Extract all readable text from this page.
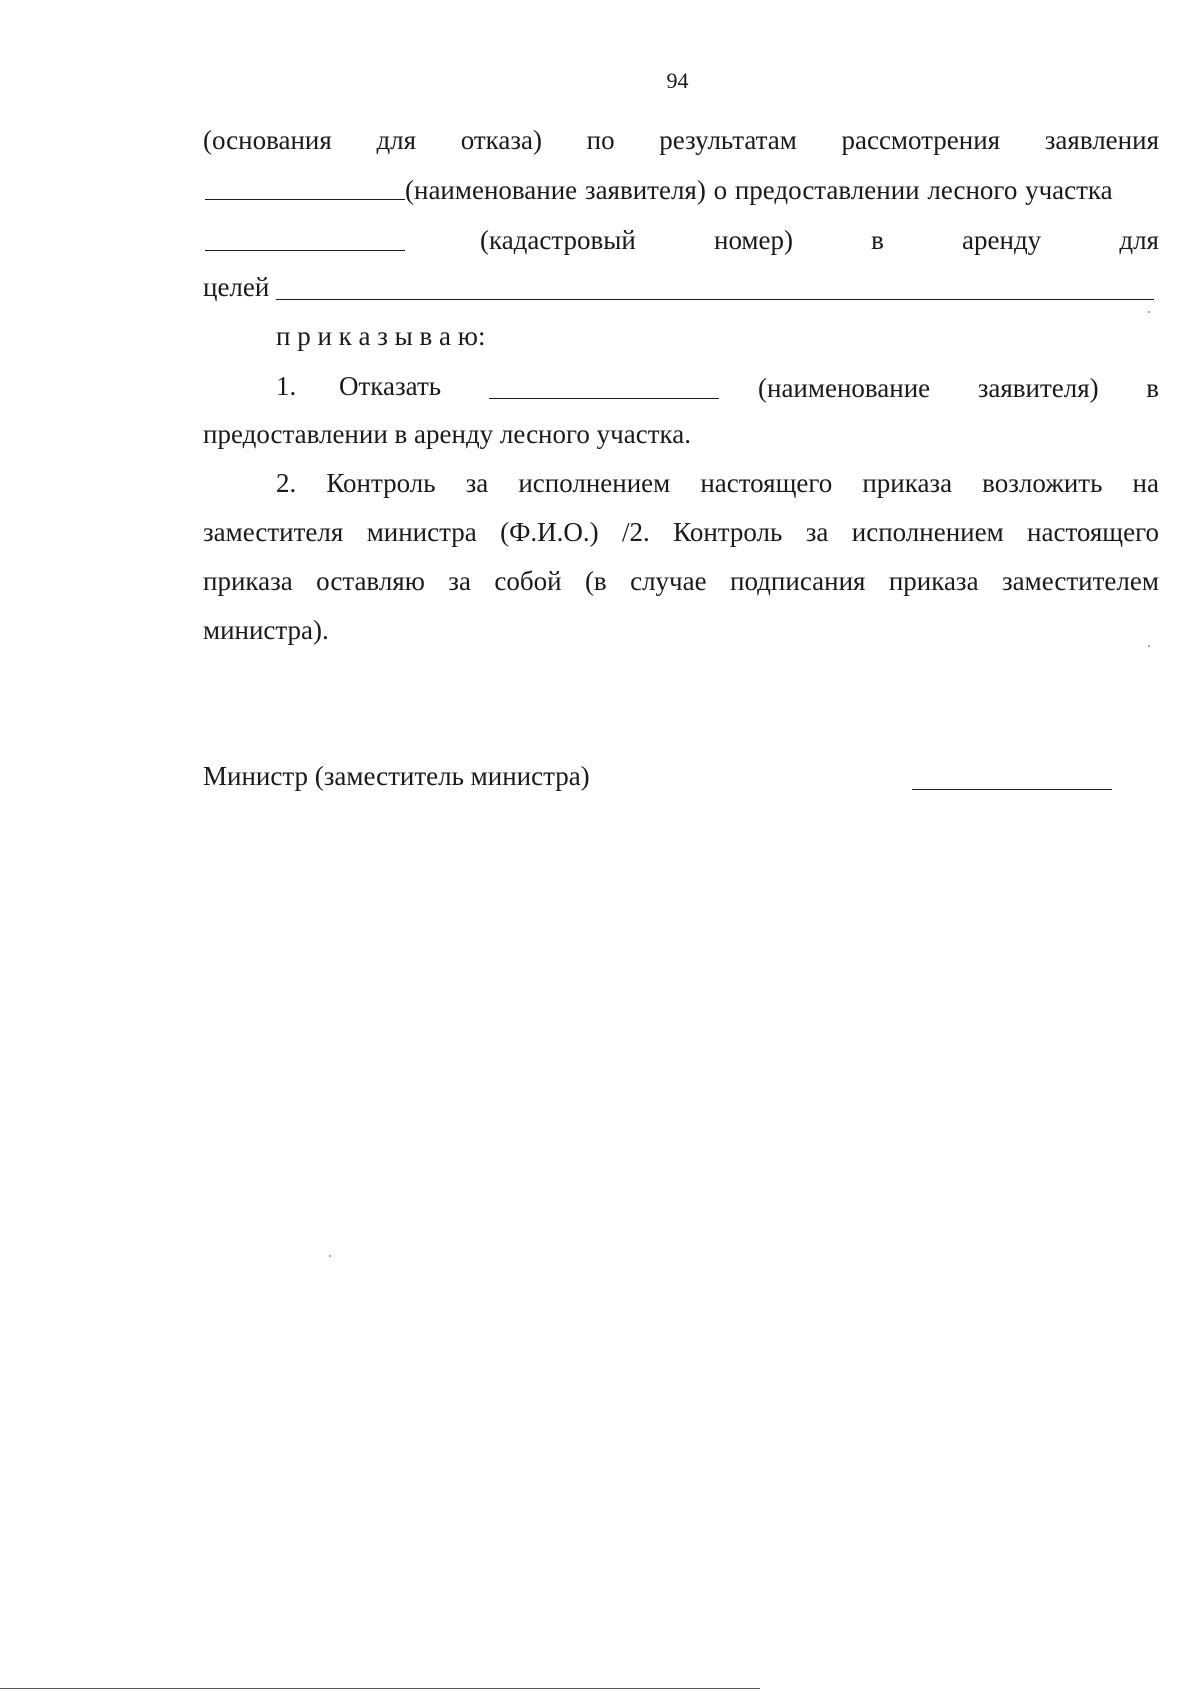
94
(основания для отказа) по результатам рассмотрения заявления
(наименование заявителя) о предоставлении лесного участка
(кадастровый	номер)	в	аренду	для
целей
п р и к а з ы в а ю:
1. Отказать	(наименование заявителя) в
предоставлении в аренду лесного участка.
2. Контроль за исполнением настоящего приказа возложить на
заместителя министра (Ф.И.О.) /2. Контроль за исполнением настоящего
приказа оставляю за собой (в случае подписания приказа заместителем
министра).
Министр (заместитель министра)
